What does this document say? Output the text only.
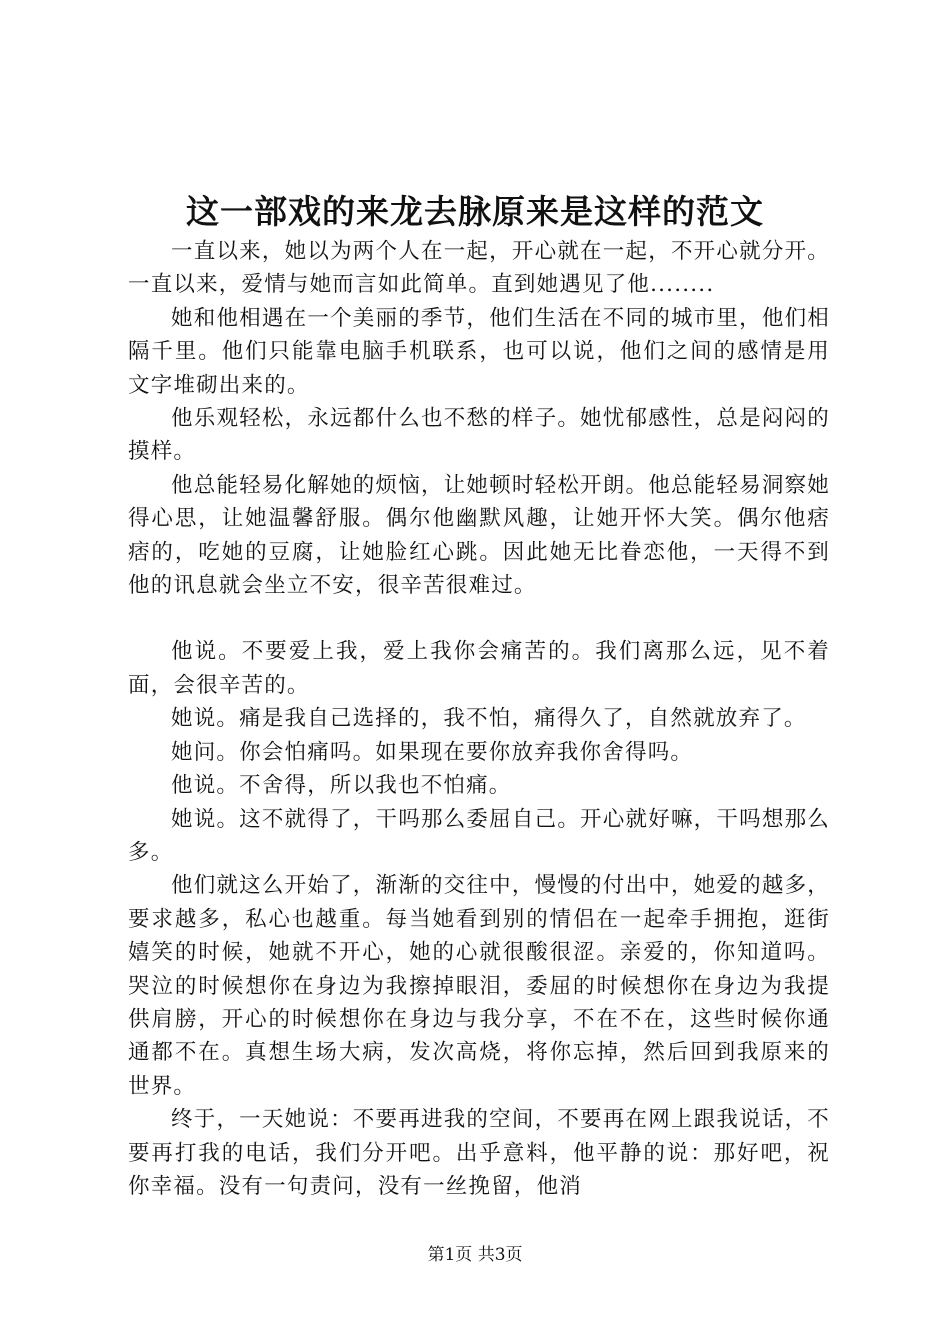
这一部戏的来龙去脉原来是这样的范文

一直以来，她以为两个人在一起，开心就在一起，不开心就分开。一直以来，爱情与她而言如此简单。直到她遇见了他........

她和他相遇在一个美丽的季节，他们生活在不同的城市里，他们相隔千里。他们只能靠电脑手机联系，也可以说，他们之间的感情是用文字堆砌出来的。

他乐观轻松，永远都什么也不愁的样子。她忧郁感性，总是闷闷的摸样。

他总能轻易化解她的烦恼，让她顿时轻松开朗。他总能轻易洞察她得心思，让她温馨舒服。偶尔他幽默风趣，让她开怀大笑。偶尔他痞痞的，吃她的豆腐，让她脸红心跳。因此她无比眷恋他，一天得不到他的讯息就会坐立不安，很辛苦很难过。

他说。不要爱上我，爱上我你会痛苦的。我们离那么远，见不着面，会很辛苦的。

她说。痛是我自己选择的，我不怕，痛得久了，自然就放弃了。

她问。你会怕痛吗。如果现在要你放弃我你舍得吗。

他说。不舍得，所以我也不怕痛。

她说。这不就得了，干吗那么委屈自己。开心就好嘛，干吗想那么多。

他们就这么开始了，渐渐的交往中，慢慢的付出中，她爱的越多，要求越多，私心也越重。每当她看到别的情侣在一起牵手拥抱，逛街嬉笑的时候，她就不开心，她的心就很酸很涩。亲爱的，你知道吗。哭泣的时候想你在身边为我擦掉眼泪，委屈的时候想你在身边为我提供肩膀，开心的时候想你在身边与我分享，不在不在，这些时候你通通都不在。真想生场大病，发次高烧，将你忘掉，然后回到我原来的世界。

终于，一天她说：不要再进我的空间，不要再在网上跟我说话，不要再打我的电话，我们分开吧。出乎意料，他平静的说：那好吧，祝你幸福。没有一句责问，没有一丝挽留，他消

第1页 共3页
